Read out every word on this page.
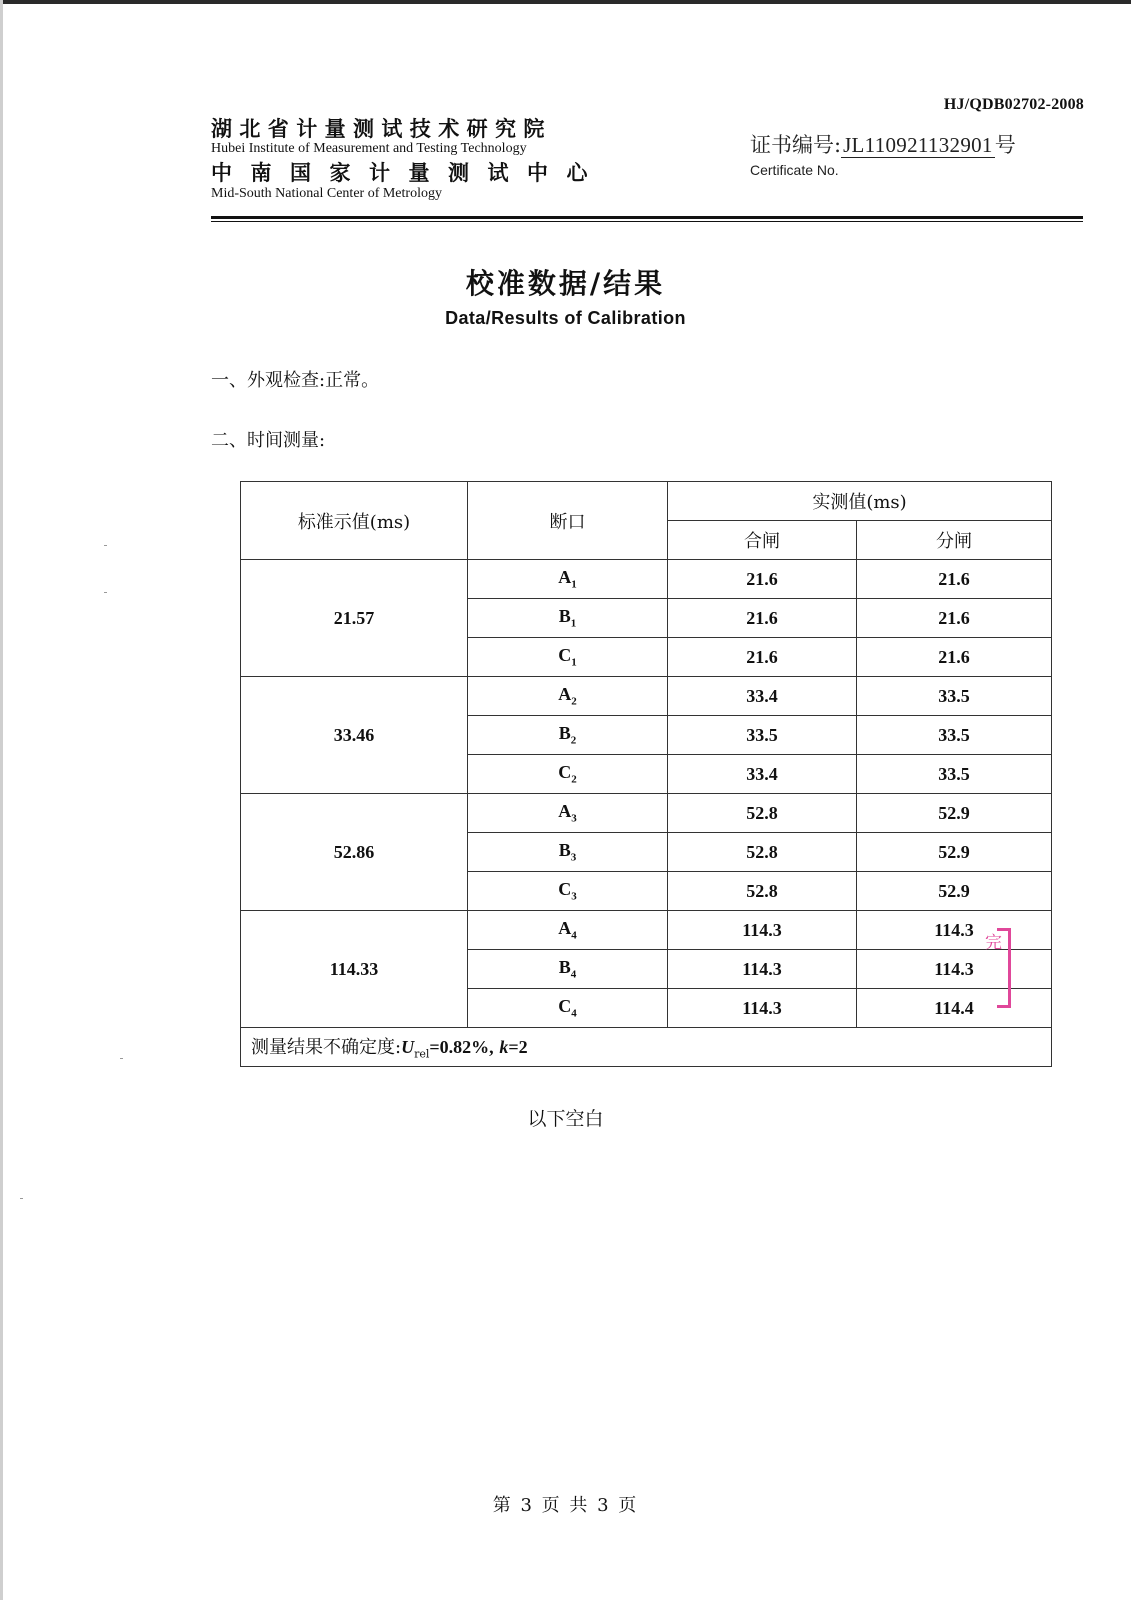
HJ/QDB02702-2008
湖北省计量测试技术研究院
Hubei Institute of Measurement and Testing Technology
中南国家计量测试中心
Mid-South National Center of Metrology
证书编号:JL110921132901号
Certificate No.
校准数据/结果
Data/Results of Calibration
一、外观检查:正常。
二、时间测量:
标准示值(ms)	断口	实测值(ms)	
		合闸	分闸
21.57	$A_1$	21.6	21.6
	$B_1$	21.6	21.6
	$C_1$	21.6	21.6
33.46	$A_2$	33.4	33.5
	$B_2$	33.5	33.5
	$C_2$	33.4	33.5
52.86	$A_3$	52.8	52.9
	$B_3$	52.8	52.9
	$C_3$	52.8	52.9
114.33	$A_4$	114.3	114.3
	$B_4$	114.3	114.3
	$C_4$	114.3	114.4
测量结果不确定度$:U_{rel}=0.82\%$, k=2			
完
以下空白
第 3 页 共 3 页
